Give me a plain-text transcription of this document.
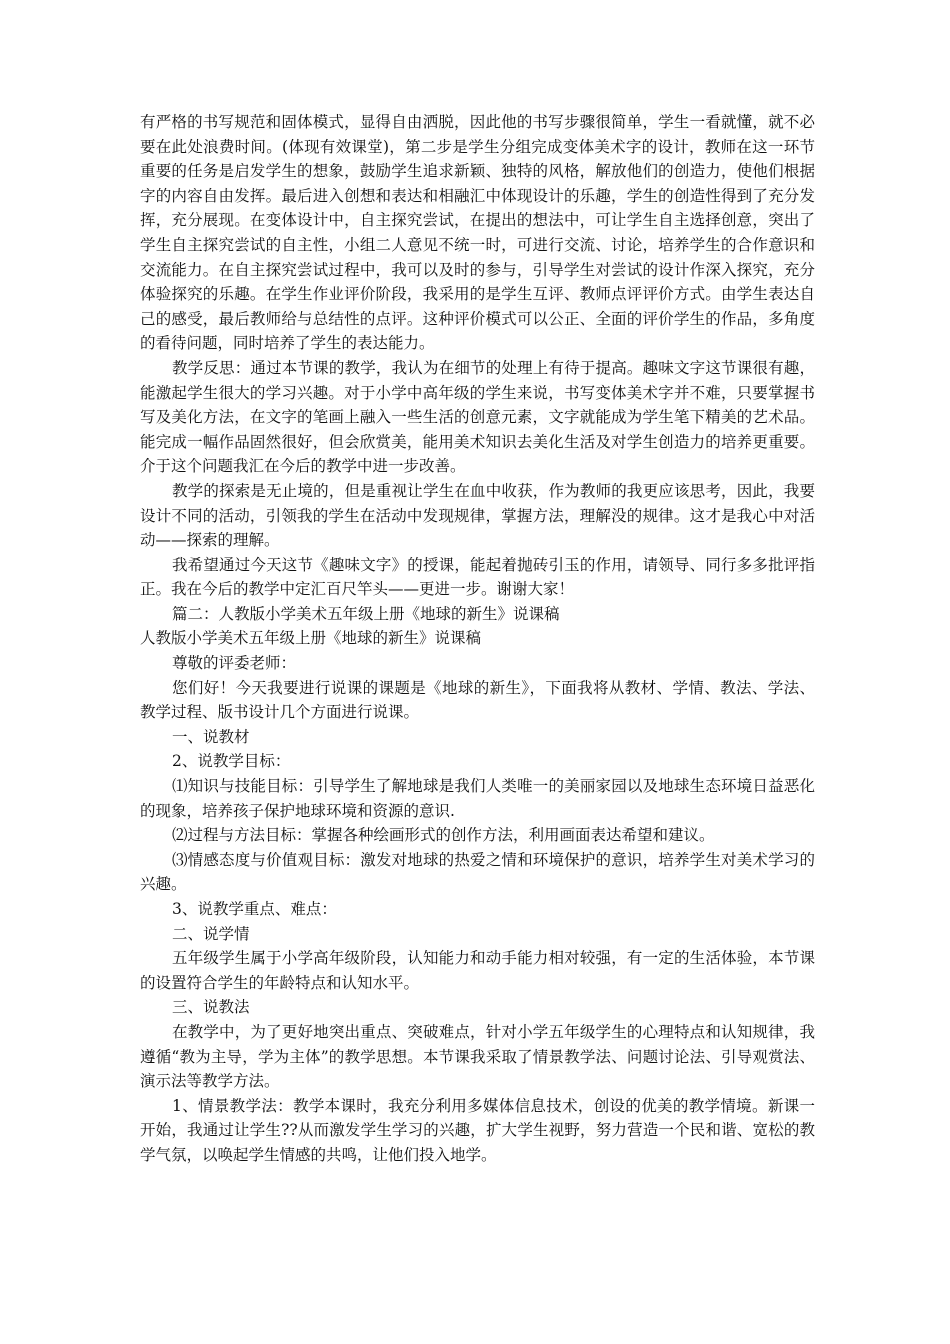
有严格的书写规范和固体模式，显得自由洒脱，因此他的书写步骤很简单，学生一看就懂，就不必要在此处浪费时间。(体现有效课堂)，第二步是学生分组完成变体美术字的设计，教师在这一环节重要的任务是启发学生的想象，鼓励学生追求新颖、独特的风格，解放他们的创造力，使他们根据字的内容自由发挥。最后进入创想和表达和相融汇中体现设计的乐趣，学生的创造性得到了充分发挥，充分展现。在变体设计中，自主探究尝试，在提出的想法中，可让学生自主选择创意，突出了学生自主探究尝试的自主性，小组二人意见不统一时，可进行交流、讨论，培养学生的合作意识和交流能力。在自主探究尝试过程中，我可以及时的参与，引导学生对尝试的设计作深入探究，充分体验探究的乐趣。在学生作业评价阶段，我采用的是学生互评、教师点评评价方式。由学生表达自己的感受，最后教师给与总结性的点评。这种评价模式可以公正、全面的评价学生的作品，多角度的看待问题，同时培养了学生的表达能力。

教学反思：通过本节课的教学，我认为在细节的处理上有待于提高。趣味文字这节课很有趣，能激起学生很大的学习兴趣。对于小学中高年级的学生来说，书写变体美术字并不难，只要掌握书写及美化方法，在文字的笔画上融入一些生活的创意元素，文字就能成为学生笔下精美的艺术品。能完成一幅作品固然很好，但会欣赏美，能用美术知识去美化生活及对学生创造力的培养更重要。介于这个问题我汇在今后的教学中进一步改善。

教学的探索是无止境的，但是重视让学生在血中收获，作为教师的我更应该思考，因此，我要设计不同的活动，引领我的学生在活动中发现规律，掌握方法，理解没的规律。这才是我心中对活动——探索的理解。

我希望通过今天这节《趣味文字》的授课，能起着抛砖引玉的作用，请领导、同行多多批评指正。我在今后的教学中定汇百尺竿头——更进一步。谢谢大家！

篇二：人教版小学美术五年级上册《地球的新生》说课稿

人教版小学美术五年级上册《地球的新生》说课稿

尊敬的评委老师：

您们好！今天我要进行说课的课题是《地球的新生》，下面我将从教材、学情、教法、学法、教学过程、版书设计几个方面进行说课。

一、说教材

2、说教学目标：

⑴知识与技能目标：引导学生了解地球是我们人类唯一的美丽家园以及地球生态环境日益恶化的现象，培养孩子保护地球环境和资源的意识.

⑵过程与方法目标：掌握各种绘画形式的创作方法，利用画面表达希望和建议。

⑶情感态度与价值观目标：激发对地球的热爱之情和环境保护的意识，培养学生对美术学习的兴趣。

3、说教学重点、难点：

二、说学情

五年级学生属于小学高年级阶段，认知能力和动手能力相对较强，有一定的生活体验，本节课的设置符合学生的年龄特点和认知水平。

三、说教法

在教学中，为了更好地突出重点、突破难点，针对小学五年级学生的心理特点和认知规律，我遵循“教为主导，学为主体”的教学思想。本节课我采取了情景教学法、问题讨论法、引导观赏法、演示法等教学方法。

1、情景教学法：教学本课时，我充分利用多媒体信息技术，创设的优美的教学情境。新课一开始，我通过让学生??从而激发学生学习的兴趣，扩大学生视野，努力营造一个民和谐、宽松的教学气氛，以唤起学生情感的共鸣，让他们投入地学。
